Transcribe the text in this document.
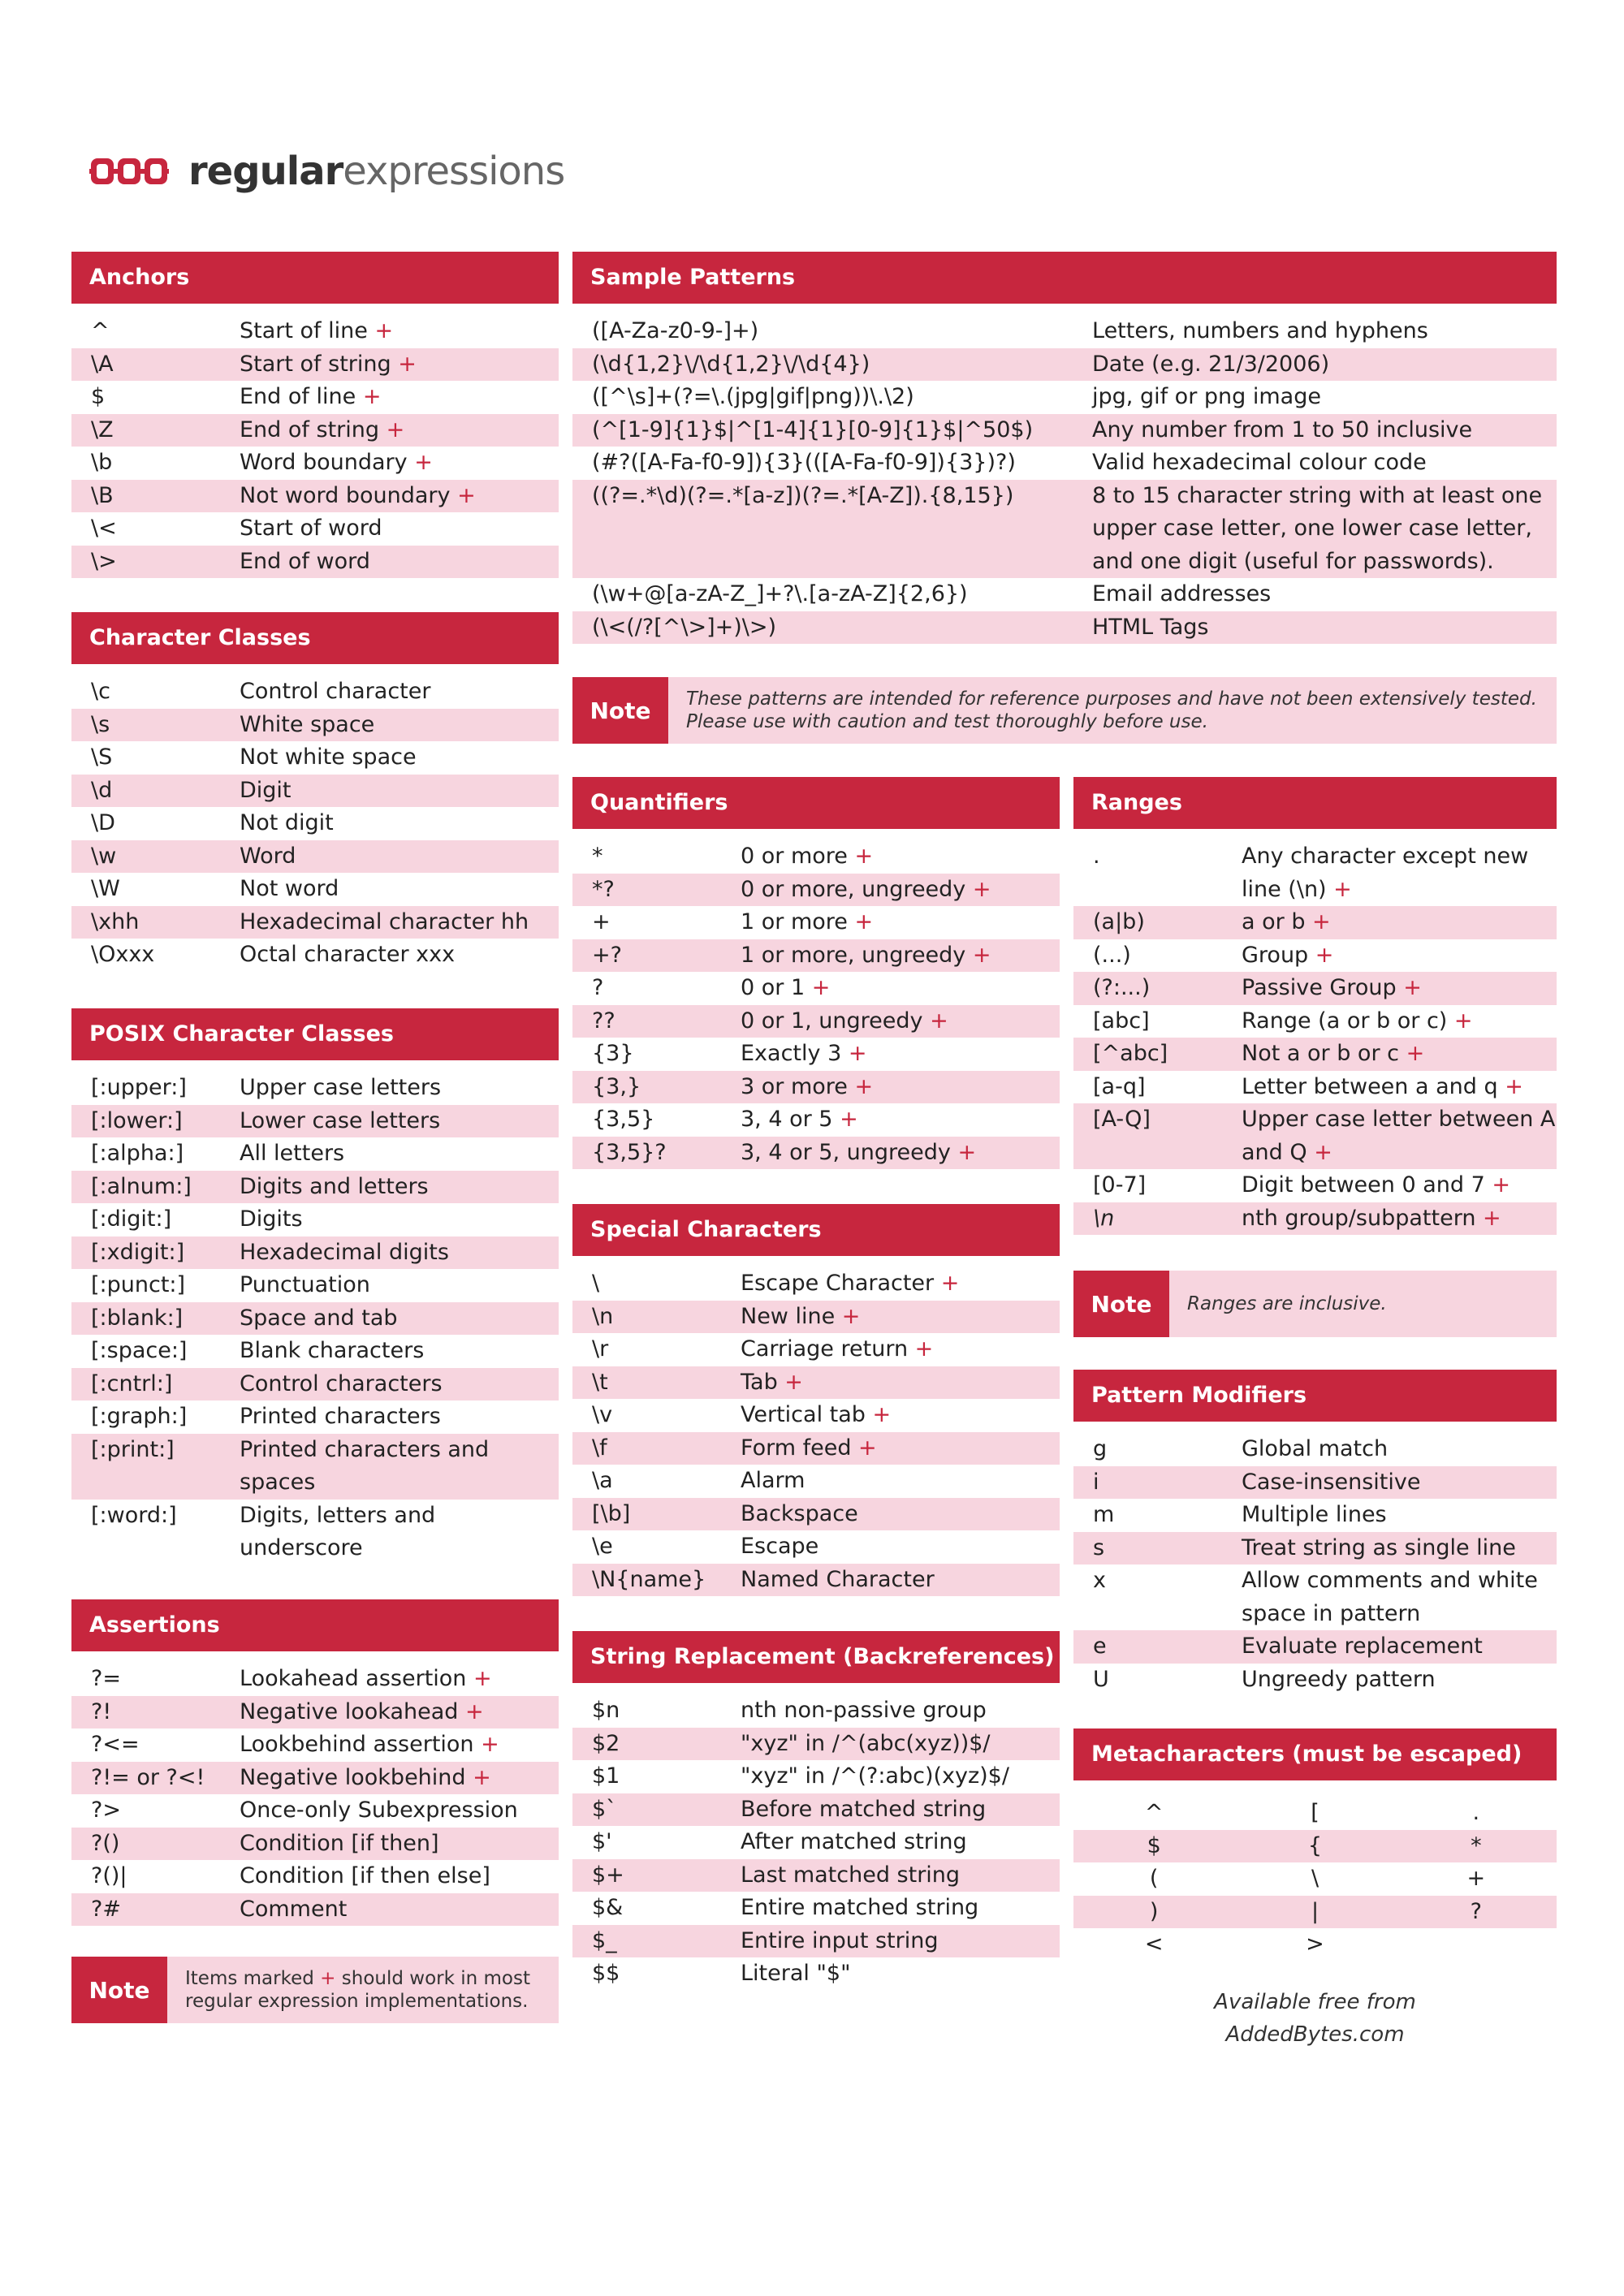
regularexpressions
Anchors
^	Start of line +
\A	Start of string +
$	End of line +
\Z	End of string +
\b	Word boundary +
\B	Not word boundary +
\<	Start of word
\>	End of word
Character Classes
\c	Control character
\s	White space
\S	Not white space
\d	Digit
\D	Not digit
\w	Word
\W	Not word
\xhh	Hexadecimal character hh
\Oxxx	Octal character xxx
POSIX Character Classes
[:upper:]	Upper case letters
[:lower:]	Lower case letters
[:alpha:]	All letters
[:alnum:]	Digits and letters
[:digit:]	Digits
[:xdigit:]	Hexadecimal digits
[:punct:]	Punctuation
[:blank:]	Space and tab
[:space:]	Blank characters
[:cntrl:]	Control characters
[:graph:]	Printed characters
[:print:]	Printed characters and spaces
[:word:]	Digits, letters and underscore
Assertions
?=	Lookahead assertion +
?!	Negative lookahead +
?<=	Lookbehind assertion +
?!= or ?<!	Negative lookbehind +
?>	Once-only Subexpression
?()	Condition [if then]
?()|	Condition [if then else]
?#	Comment
Note	Items marked + should work in most regular expression implementations.
Sample Patterns
([A-Za-z0-9-]+)	Letters, numbers and hyphens
(\d{1,2}\/\d{1,2}\/\d{4})	Date (e.g. 21/3/2006)
([^\s]+(?=\.(jpg|gif|png))\.\2)	jpg, gif or png image
(^[1-9]{1}$|^[1-4]{1}[0-9]{1}$|^50$)	Any number from 1 to 50 inclusive
(#?([A-Fa-f0-9]){3}(([A-Fa-f0-9]){3})?)	Valid hexadecimal colour code
((?=.*\d)(?=.*[a-z])(?=.*[A-Z]).{8,15})	8 to 15 character string with at least one upper case letter, one lower case letter, and one digit (useful for passwords).
(\w+@[a-zA-Z_]+?\.[a-zA-Z]{2,6})	Email addresses
(\<(/?[^\>]+)\>)	HTML Tags
Note	These patterns are intended for reference purposes and have not been extensively tested. Please use with caution and test thoroughly before use.
Quantifiers
*	0 or more +
*?	0 or more, ungreedy +
+	1 or more +
+?	1 or more, ungreedy +
?	0 or 1 +
??	0 or 1, ungreedy +
{3}	Exactly 3 +
{3,}	3 or more +
{3,5}	3, 4 or 5 +
{3,5}?	3, 4 or 5, ungreedy +
Special Characters
\	Escape Character +
\n	New line +
\r	Carriage return +
\t	Tab +
\v	Vertical tab +
\f	Form feed +
\a	Alarm
[\b]	Backspace
\e	Escape
\N{name}	Named Character
String Replacement (Backreferences)
$n	nth non-passive group
$2	"xyz" in /^(abc(xyz))$/
$1	"xyz" in /^(?:abc)(xyz)$/
$`	Before matched string
$'	After matched string
$+	Last matched string
$&	Entire matched string
$_	Entire input string
$$	Literal "$"
Ranges
.	Any character except new line (\n) +
(a|b)	a or b +
(...)	Group +
(?:...)	Passive Group +
[abc]	Range (a or b or c) +
[^abc]	Not a or b or c +
[a-q]	Letter between a and q +
[A-Q]	Upper case letter between A and Q +
[0-7]	Digit between 0 and 7 +
\n	nth group/subpattern +
Note	Ranges are inclusive.
Pattern Modifiers
g	Global match
i	Case-insensitive
m	Multiple lines
s	Treat string as single line
x	Allow comments and white space in pattern
e	Evaluate replacement
U	Ungreedy pattern
Metacharacters (must be escaped)
^	[	.
$	{	*
(	\	+
)	|	?
<	>
Available free from
AddedBytes.com
